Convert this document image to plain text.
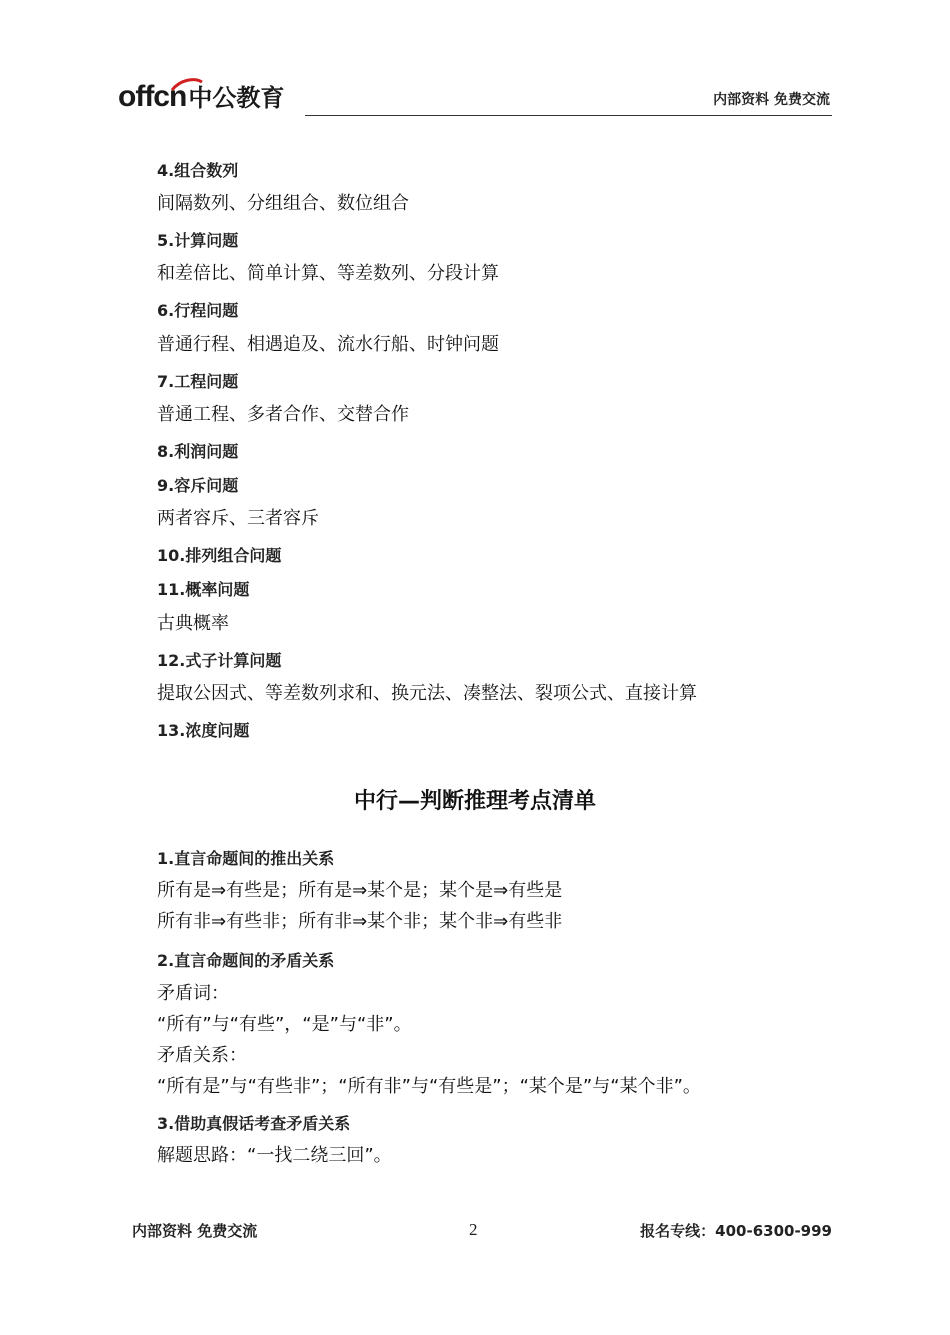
offcn中公教育	内部资料 免费交流
4.组合数列
间隔数列、分组组合、数位组合
5.计算问题
和差倍比、简单计算、等差数列、分段计算
6.行程问题
普通行程、相遇追及、流水行船、时钟问题
7.工程问题
普通工程、多者合作、交替合作
8.利润问题
9.容斥问题
两者容斥、三者容斥
10.排列组合问题
11.概率问题
古典概率
12.式子计算问题
提取公因式、等差数列求和、换元法、凑整法、裂项公式、直接计算
13.浓度问题
中行—判断推理考点清单
1.直言命题间的推出关系
所有是⇒有些是；所有是⇒某个是；某个是⇒有些是
所有非⇒有些非；所有非⇒某个非；某个非⇒有些非
2.直言命题间的矛盾关系
矛盾词：
“所有”与“有些”，“是”与“非”。
矛盾关系：
“所有是”与“有些非”；“所有非”与“有些是”；“某个是”与“某个非”。
3.借助真假话考查矛盾关系
解题思路：“一找二绕三回”。
内部资料 免费交流	2	报名专线：400-6300-999
